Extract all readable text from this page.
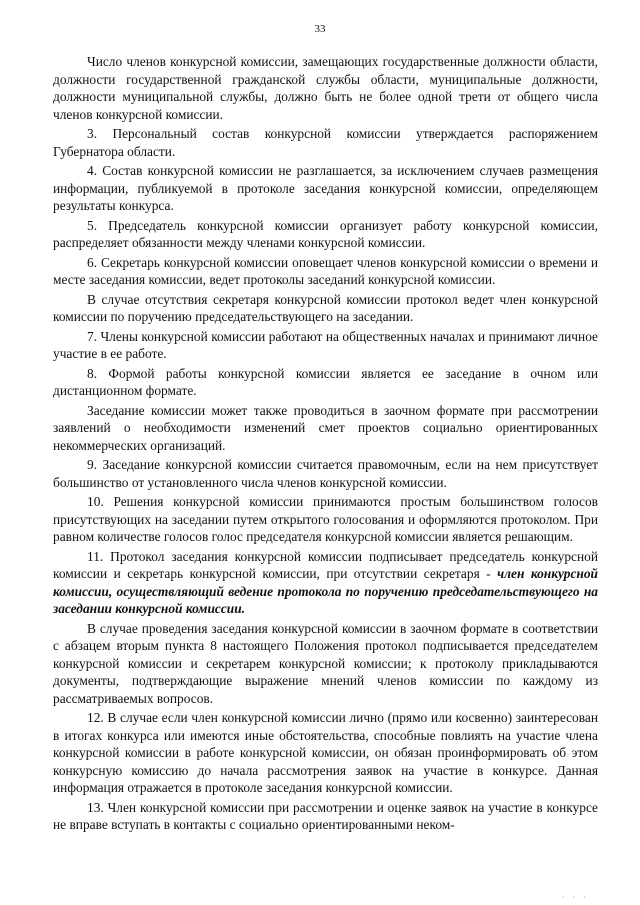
33

Число членов конкурсной комиссии, замещающих государственные должности области, должности государственной гражданской службы области, муниципальные должности, должности муниципальной службы, должно быть не более одной трети от общего числа членов конкурсной комиссии.

3. Персональный состав конкурсной комиссии утверждается распоряжением Губернатора области.

4. Состав конкурсной комиссии не разглашается, за исключением случаев размещения информации, публикуемой в протоколе заседания конкурсной комиссии, определяющем результаты конкурса.

5. Председатель конкурсной комиссии организует работу конкурсной комиссии, распределяет обязанности между членами конкурсной комиссии.

6. Секретарь конкурсной комиссии оповещает членов конкурсной комиссии о времени и месте заседания комиссии, ведет протоколы заседаний конкурсной комиссии.

В случае отсутствия секретаря конкурсной комиссии протокол ведет член конкурсной комиссии по поручению председательствующего на заседании.

7. Члены конкурсной комиссии работают на общественных началах и принимают личное участие в ее работе.

8. Формой работы конкурсной комиссии является ее заседание в очном или дистанционном формате.

Заседание комиссии может также проводиться в заочном формате при рассмотрении заявлений о необходимости изменений смет проектов социально ориентированных некоммерческих организаций.

9. Заседание конкурсной комиссии считается правомочным, если на нем присутствует большинство от установленного числа членов конкурсной комиссии.

10. Решения конкурсной комиссии принимаются простым большинством голосов присутствующих на заседании путем открытого голосования и оформляются протоколом. При равном количестве голосов голос председателя конкурсной комиссии является решающим.

11. Протокол заседания конкурсной комиссии подписывает председатель конкурсной комиссии и секретарь конкурсной комиссии, при отсутствии секретаря - член конкурсной комиссии, осуществляющий ведение протокола по поручению председательствующего на заседании конкурсной комиссии.

В случае проведения заседания конкурсной комиссии в заочном формате в соответствии с абзацем вторым пункта 8 настоящего Положения протокол подписывается председателем конкурсной комиссии и секретарем конкурсной комиссии; к протоколу прикладываются документы, подтверждающие выражение мнений членов комиссии по каждому из рассматриваемых вопросов.

12. В случае если член конкурсной комиссии лично (прямо или косвенно) заинтересован в итогах конкурса или имеются иные обстоятельства, способные повлиять на участие члена конкурсной комиссии в работе конкурсной комиссии, он обязан проинформировать об этом конкурсную комиссию до начала рассмотрения заявок на участие в конкурсе. Данная информация отражается в протоколе заседания конкурсной комиссии.

13. Член конкурсной комиссии при рассмотрении и оценке заявок на участие в конкурсе не вправе вступать в контакты с социально ориентированными неком-

· · ·
